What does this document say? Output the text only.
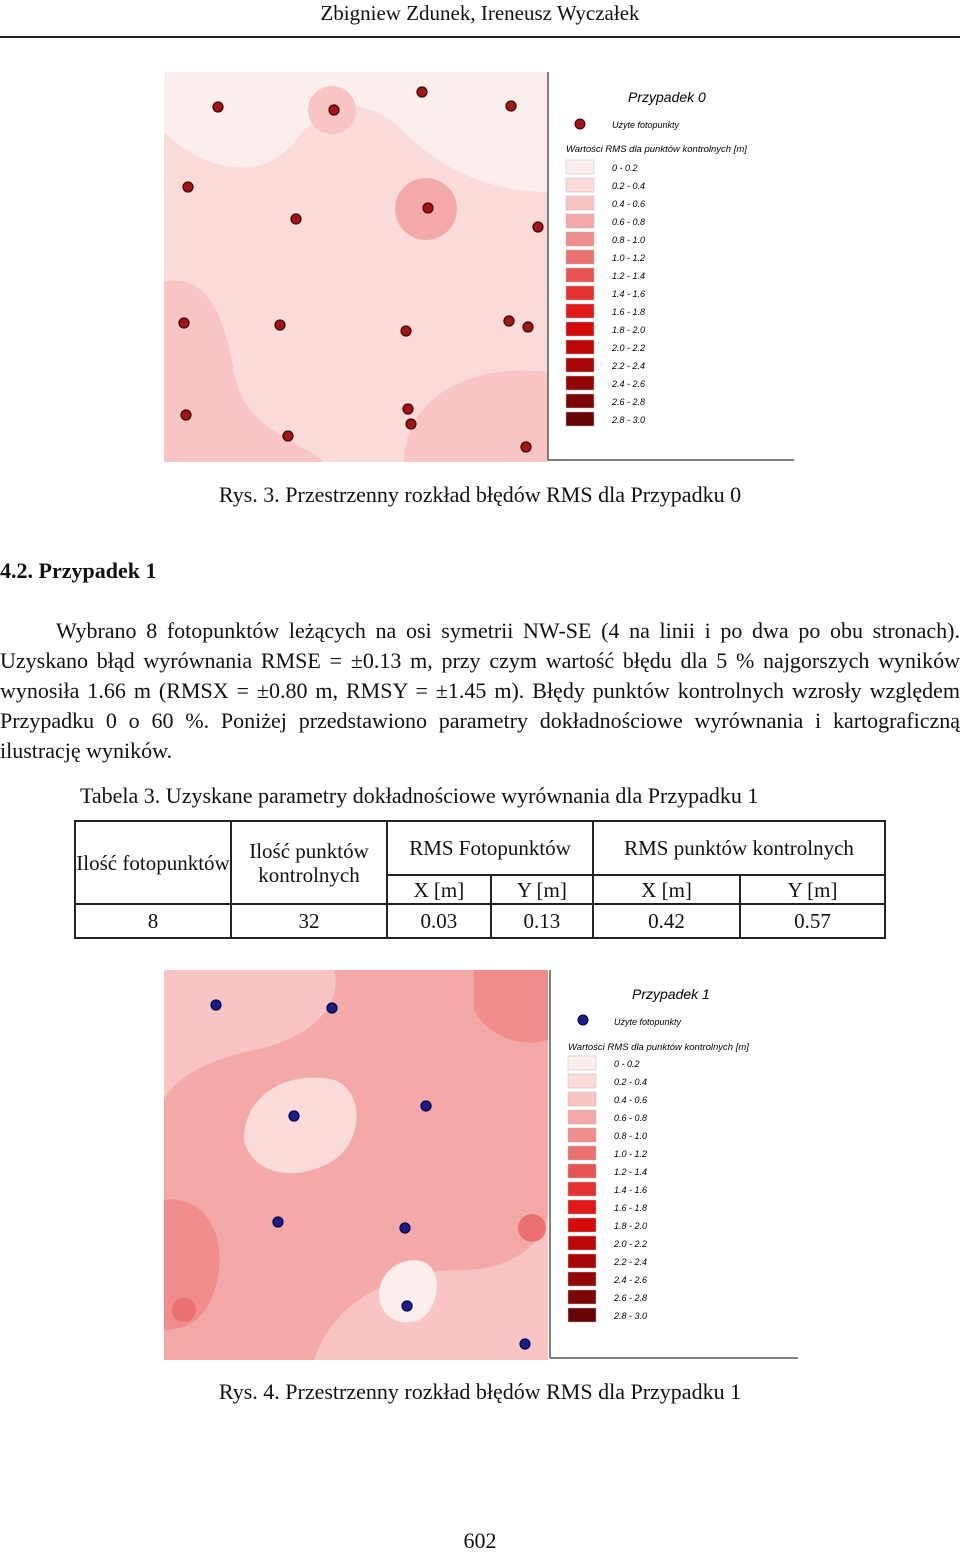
Zbigniew Zdunek, Ireneusz Wyczałek
Przypadek 0
Użyte fotopunkty
Wartości RMS dla punktów kontrolnych [m]
0 - 0.2
0.2 - 0.4
0.4 - 0.6
0.6 - 0.8
0.8 - 1.0
1.0 - 1.2
1.2 - 1.4
1.4 - 1.6
1.6 - 1.8
1.8 - 2.0
2.0 - 2.2
2.2 - 2.4
2.4 - 2.6
2.6 - 2.8
2.8 - 3.0
Rys. 3. Przestrzenny rozkład błędów RMS dla Przypadku 0
4.2. Przypadek 1

Wybrano 8 fotopunktów leżących na osi symetrii NW-SE (4 na linii i po dwa po obu stronach). Uzyskano błąd wyrównania RMSE = ±0.13 m, przy czym wartość błędu dla 5 % najgorszych wyników wynosiła 1.66 m (RMSX = ±0.80 m, RMSY = ±1.45 m). Błędy punktów kontrolnych wzrosły względem Przypadku 0 o 60 %. Poniżej przedstawiono parametry dokładnościowe wyrównania i kartograficzną ilustrację wyników.

Tabela 3. Uzyskane parametry dokładnościowe wyrównania dla Przypadku 1
Ilość fotopunktów	Ilość punktów kontrolnych	RMS Fotopunktów		RMS punktów kontrolnych	
		X [m]	Y [m]	X [m]	Y [m]
8	32	0.03	0.13	0.42	0.57
Przypadek 1
Użyte fotopunkty
Wartości RMS dla punktów kontrolnych [m]
0 - 0.2
0.2 - 0.4
0.4 - 0.6
0.6 - 0.8
0.8 - 1.0
1.0 - 1.2
1.2 - 1.4
1.4 - 1.6
1.6 - 1.8
1.8 - 2.0
2.0 - 2.2
2.2 - 2.4
2.4 - 2.6
2.6 - 2.8
2.8 - 3.0
Rys. 4. Przestrzenny rozkład błędów RMS dla Przypadku 1
602
